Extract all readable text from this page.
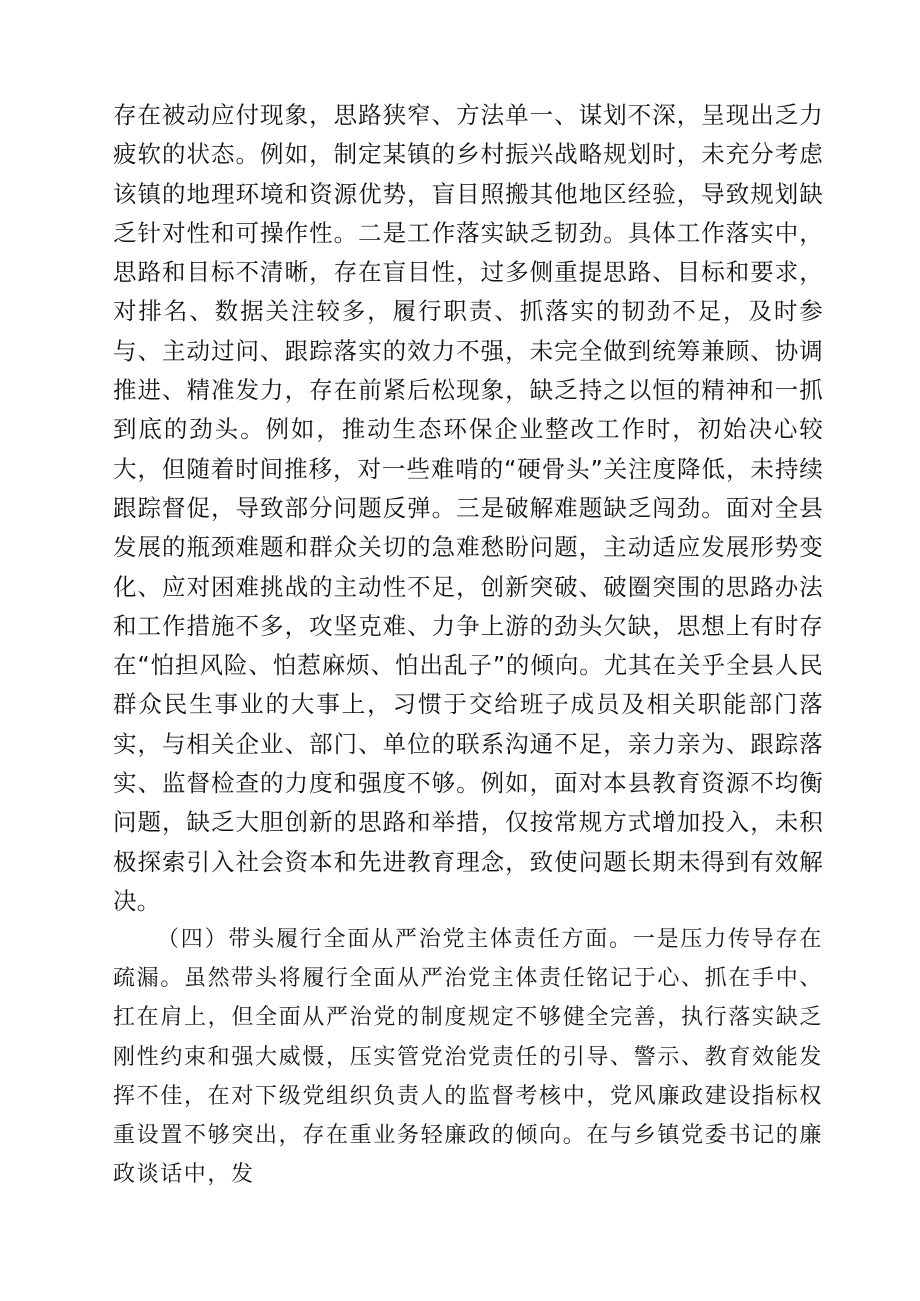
存在被动应付现象，思路狭窄、方法单一、谋划不深，呈现出乏力疲软的状态。例如，制定某镇的乡村振兴战略规划时，未充分考虑该镇的地理环境和资源优势，盲目照搬其他地区经验，导致规划缺乏针对性和可操作性。二是工作落实缺乏韧劲。具体工作落实中，思路和目标不清晰，存在盲目性，过多侧重提思路、目标和要求，对排名、数据关注较多，履行职责、抓落实的韧劲不足，及时参与、主动过问、跟踪落实的效力不强，未完全做到统筹兼顾、协调推进、精准发力，存在前紧后松现象，缺乏持之以恒的精神和一抓到底的劲头。例如，推动生态环保企业整改工作时，初始决心较大，但随着时间推移，对一些难啃的“硬骨头”关注度降低，未持续跟踪督促，导致部分问题反弹。三是破解难题缺乏闯劲。面对全县发展的瓶颈难题和群众关切的急难愁盼问题，主动适应发展形势变化、应对困难挑战的主动性不足，创新突破、破圈突围的思路办法和工作措施不多，攻坚克难、力争上游的劲头欠缺，思想上有时存在“怕担风险、怕惹麻烦、怕出乱子”的倾向。尤其在关乎全县人民群众民生事业的大事上，习惯于交给班子成员及相关职能部门落实，与相关企业、部门、单位的联系沟通不足，亲力亲为、跟踪落实、监督检查的力度和强度不够。例如，面对本县教育资源不均衡问题，缺乏大胆创新的思路和举措，仅按常规方式增加投入，未积极探索引入社会资本和先进教育理念，致使问题长期未得到有效解决。

（四）带头履行全面从严治党主体责任方面。一是压力传导存在疏漏。虽然带头将履行全面从严治党主体责任铭记于心、抓在手中、扛在肩上，但全面从严治党的制度规定不够健全完善，执行落实缺乏刚性约束和强大威慑，压实管党治党责任的引导、警示、教育效能发挥不佳，在对下级党组织负责人的监督考核中，党风廉政建设指标权重设置不够突出，存在重业务轻廉政的倾向。在与乡镇党委书记的廉政谈话中，发
